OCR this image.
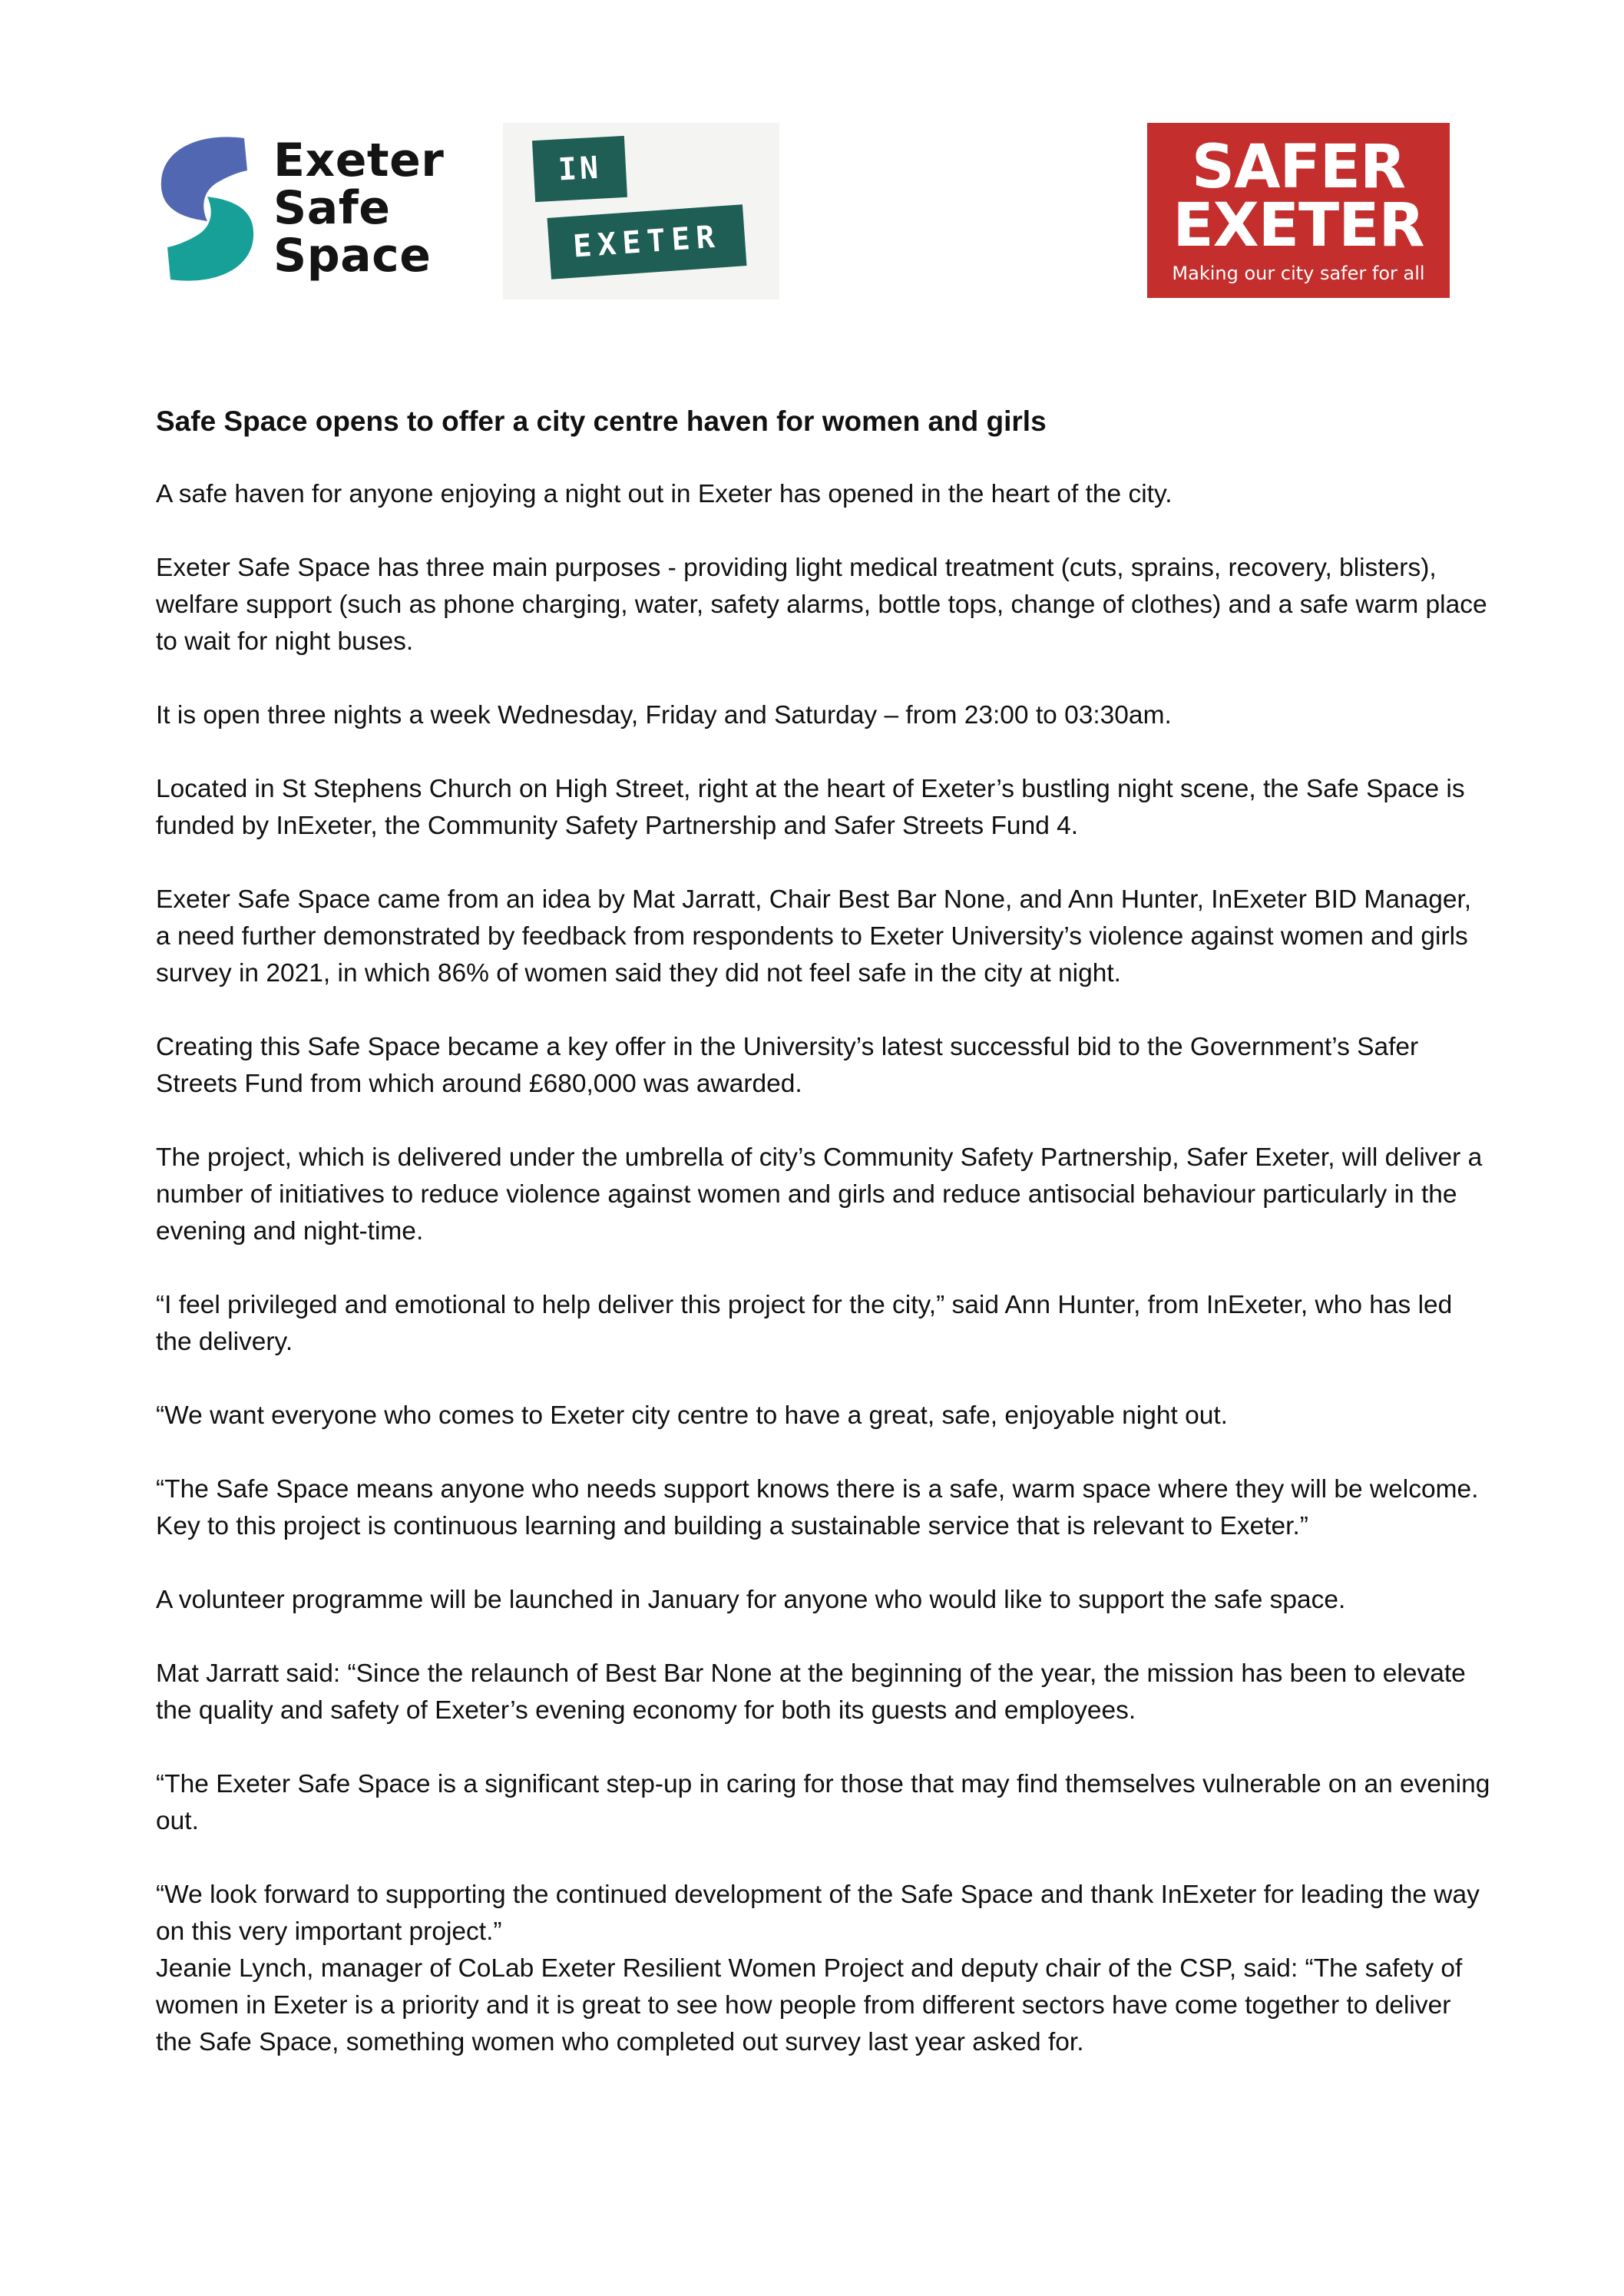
Exeter
Safe
Space
IN
EXETER
SAFER
EXETER
Making our city safer for all
Safe Space opens to offer a city centre haven for women and girls

A safe haven for anyone enjoying a night out in Exeter has opened in the heart of the city.

Exeter Safe Space has three main purposes - providing light medical treatment (cuts, sprains, recovery, blisters), welfare support (such as phone charging, water, safety alarms, bottle tops, change of clothes) and a safe warm place to wait for night buses.

It is open three nights a week Wednesday, Friday and Saturday – from 23:00 to 03:30am.

Located in St Stephens Church on High Street, right at the heart of Exeter’s bustling night scene, the Safe Space is funded by InExeter, the Community Safety Partnership and Safer Streets Fund 4.

Exeter Safe Space came from an idea by Mat Jarratt, Chair Best Bar None, and Ann Hunter, InExeter BID Manager, a need further demonstrated by feedback from respondents to Exeter University’s violence against women and girls survey in 2021, in which 86% of women said they did not feel safe in the city at night.

Creating this Safe Space became a key offer in the University’s latest successful bid to the Government’s Safer Streets Fund from which around £680,000 was awarded.

The project, which is delivered under the umbrella of city’s Community Safety Partnership, Safer Exeter, will deliver a number of initiatives to reduce violence against women and girls and reduce antisocial behaviour particularly in the evening and night-time.

“I feel privileged and emotional to help deliver this project for the city,” said Ann Hunter, from InExeter, who has led the delivery.

“We want everyone who comes to Exeter city centre to have a great, safe, enjoyable night out.

“The Safe Space means anyone who needs support knows there is a safe, warm space where they will be welcome. Key to this project is continuous learning and building a sustainable service that is relevant to Exeter.”

A volunteer programme will be launched in January for anyone who would like to support the safe space.

Mat Jarratt said: “Since the relaunch of Best Bar None at the beginning of the year, the mission has been to elevate the quality and safety of Exeter’s evening economy for both its guests and employees.

“The Exeter Safe Space is a significant step-up in caring for those that may find themselves vulnerable on an evening out.

“We look forward to supporting the continued development of the Safe Space and thank InExeter for leading the way on this very important project.”

Jeanie Lynch, manager of CoLab Exeter Resilient Women Project and deputy chair of the CSP, said: “The safety of women in Exeter is a priority and it is great to see how people from different sectors have come together to deliver the Safe Space, something women who completed out survey last year asked for.
